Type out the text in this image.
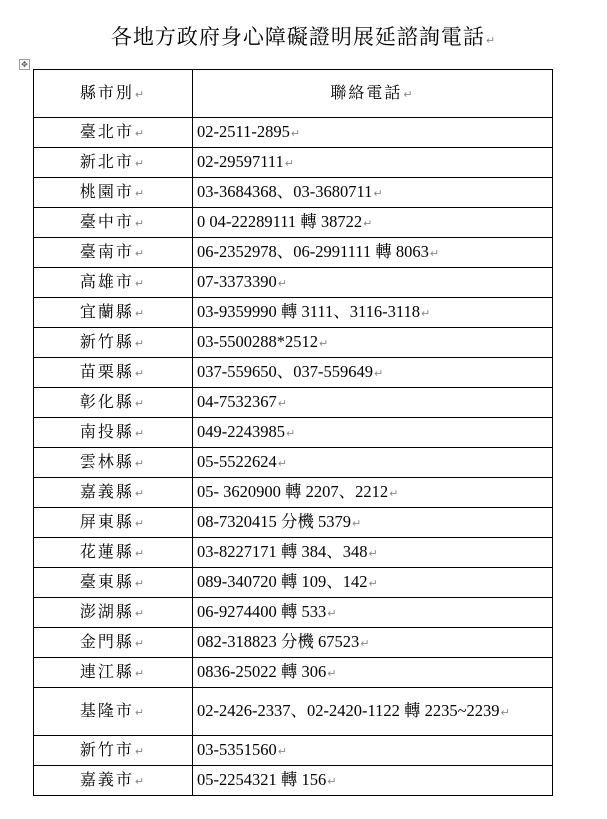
各地方政府身心障礙證明展延諮詢電話↵
✥
縣市別↵	聯絡電話↵
臺北市↵	02-2511-2895↵
新北市↵	02-29597111↵
桃園市↵	03-3684368、03-3680711↵
臺中市↵	0 04-22289111 轉 38722↵
臺南市↵	06-2352978、06-2991111 轉 8063↵
高雄市↵	07-3373390↵
宜蘭縣↵	03-9359990 轉 3111、3116-3118↵
新竹縣↵	03-5500288*2512↵
苗栗縣↵	037-559650、037-559649↵
彰化縣↵	04-7532367↵
南投縣↵	049-2243985↵
雲林縣↵	05-5522624↵
嘉義縣↵	05- 3620900 轉 2207、2212↵
屏東縣↵	08-7320415 分機 5379↵
花蓮縣↵	03-8227171 轉 384、348↵
臺東縣↵	089-340720 轉 109、142↵
澎湖縣↵	06-9274400 轉 533↵
金門縣↵	082-318823 分機 67523↵
連江縣↵	0836-25022 轉 306↵
基隆市↵	02-2426-2337、02-2420-1122 轉 2235~2239↵
新竹市↵	03-5351560↵
嘉義市↵	05-2254321 轉 156↵
